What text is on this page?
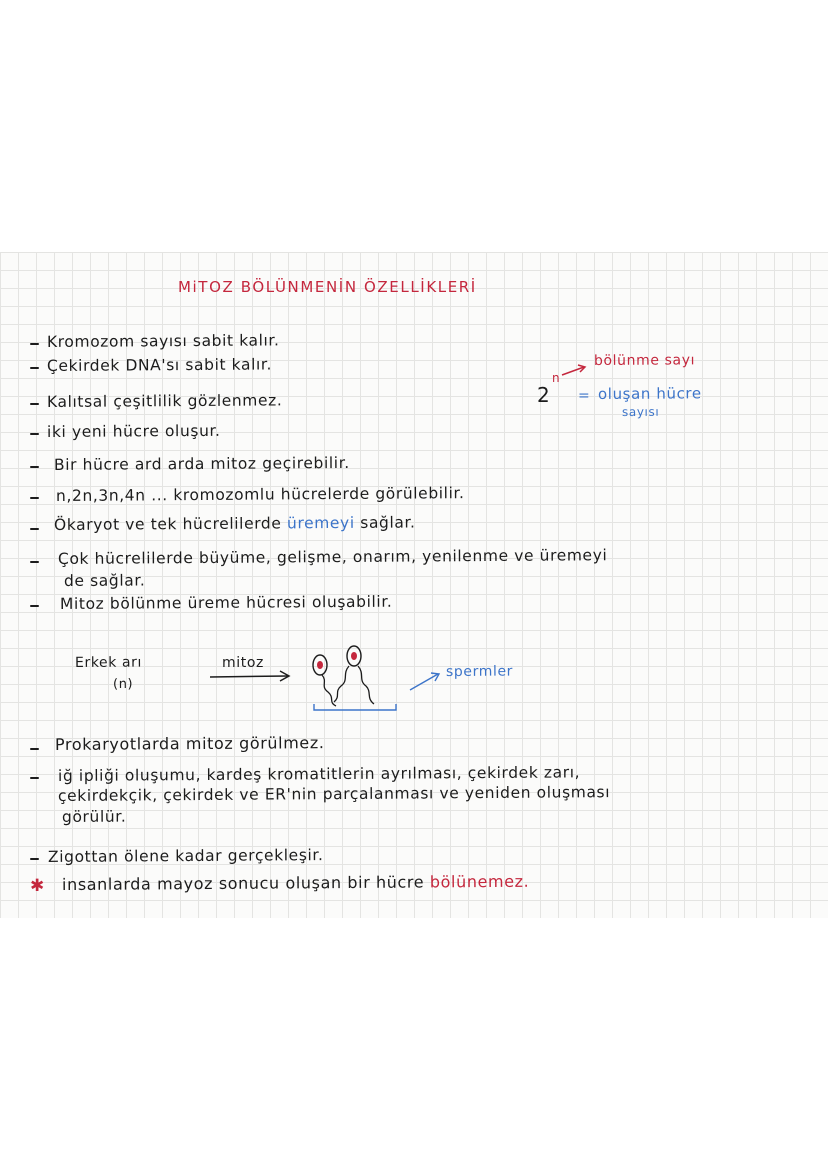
MiTOZ BÖLÜNMENİN ÖZELLİKLERİ
Kromozom sayısı sabit kalır.
Çekirdek DNA'sı sabit kalır.
Kalıtsal çeşitlilik gözlenmez.
iki yeni hücre oluşur.
Bir hücre ard arda mitoz geçirebilir.
n,2n,3n,4n ... kromozomlu hücrelerde görülebilir.
Ökaryot ve tek hücrelilerde üremeyi sağlar.
Çok hücrelilerde büyüme, gelişme, onarım, yenilenme ve üremeyi
de sağlar.
Mitoz bölünme üreme hücresi oluşabilir.
2
n
bölünme sayı
= oluşan hücre
sayısı
Erkek arı
(n)
mitoz
spermler
Prokaryotlarda mitoz görülmez.
iğ ipliği oluşumu, kardeş kromatitlerin ayrılması, çekirdek zarı,
çekirdekçik, çekirdek ve ER'nin parçalanması ve yeniden oluşması
görülür.
Zigottan ölene kadar gerçekleşir.
✱ insanlarda mayoz sonucu oluşan bir hücre bölünemez.
